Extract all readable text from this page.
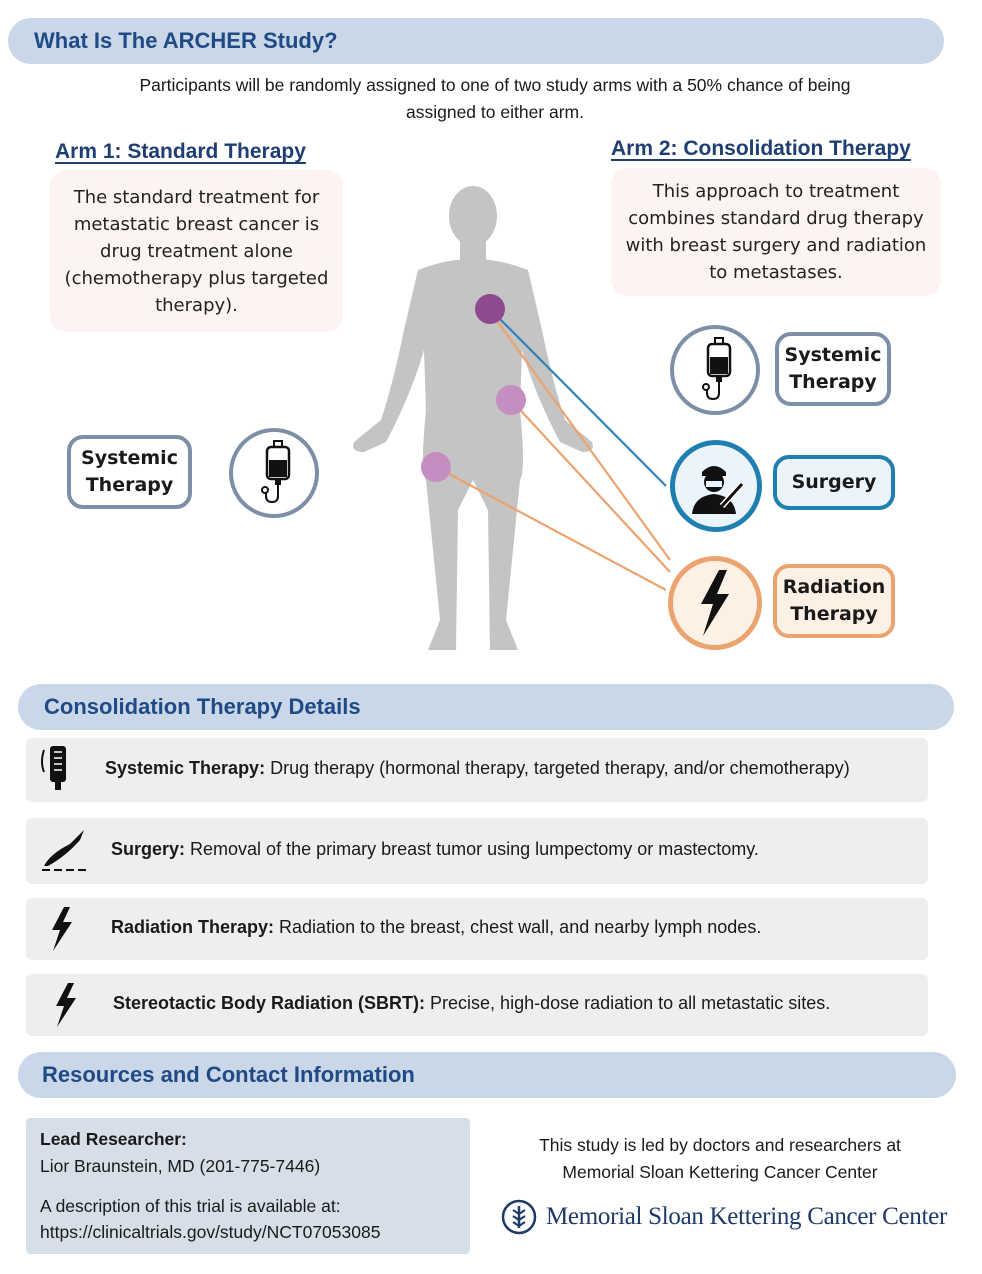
What Is The ARCHER Study?
Participants will be randomly assigned to one of two study arms with a 50% chance of being
assigned to either arm.
Arm 1: Standard Therapy	Arm 2: Consolidation Therapy
The standard treatment for metastatic breast cancer is drug treatment alone (chemotherapy plus targeted therapy).
This approach to treatment combines standard drug therapy with breast surgery and radiation to metastases.
Systemic
Therapy
Systemic
Therapy
Surgery
Radiation
Therapy
Consolidation Therapy Details
Systemic Therapy: Drug therapy (hormonal therapy, targeted therapy, and/or chemotherapy)
Surgery: Removal of the primary breast tumor using lumpectomy or mastectomy.
Radiation Therapy: Radiation to the breast, chest wall, and nearby lymph nodes.
Stereotactic Body Radiation (SBRT): Precise, high-dose radiation to all metastatic sites.
Resources and Contact Information
Lead Researcher:
Lior Braunstein, MD (201-775-7446)
A description of this trial is available at:
https://clinicaltrials.gov/study/NCT07053085
This study is led by doctors and researchers at
Memorial Sloan Kettering Cancer Center
Memorial Sloan Kettering Cancer Center
